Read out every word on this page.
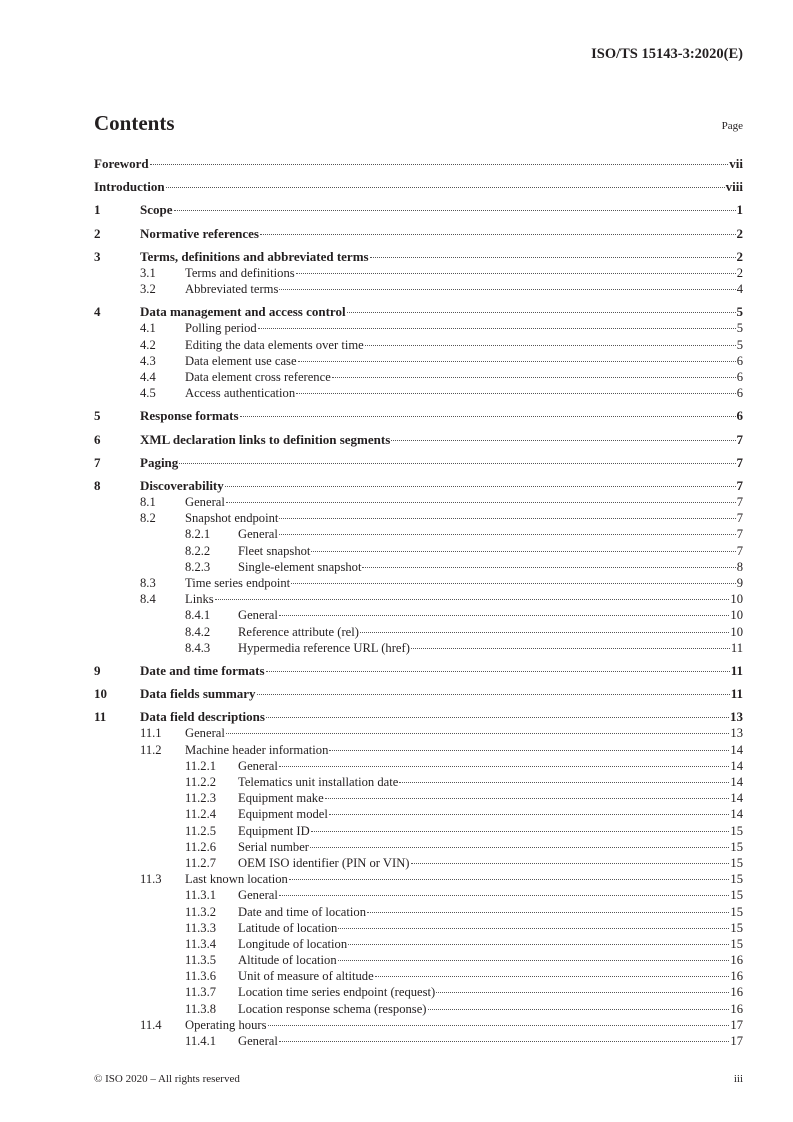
ISO/TS 15143-3:2020(E)
Contents	Page
Foreword	vii
Introduction	viii
1	Scope	1
2	Normative references	2
3	Terms, definitions and abbreviated terms	2
3.1	Terms and definitions	2
3.2	Abbreviated terms	4
4	Data management and access control	5
4.1	Polling period	5
4.2	Editing the data elements over time	5
4.3	Data element use case	6
4.4	Data element cross reference	6
4.5	Access authentication	6
5	Response formats	6
6	XML declaration links to definition segments	7
7	Paging	7
8	Discoverability	7
8.1	General	7
8.2	Snapshot endpoint	7
8.2.1	General	7
8.2.2	Fleet snapshot	7
8.2.3	Single-element snapshot	8
8.3	Time series endpoint	9
8.4	Links	10
8.4.1	General	10
8.4.2	Reference attribute (rel)	10
8.4.3	Hypermedia reference URL (href)	11
9	Date and time formats	11
10	Data fields summary	11
11	Data field descriptions	13
11.1	General	13
11.2	Machine header information	14
11.2.1	General	14
11.2.2	Telematics unit installation date	14
11.2.3	Equipment make	14
11.2.4	Equipment model	14
11.2.5	Equipment ID	15
11.2.6	Serial number	15
11.2.7	OEM ISO identifier (PIN or VIN)	15
11.3	Last known location	15
11.3.1	General	15
11.3.2	Date and time of location	15
11.3.3	Latitude of location	15
11.3.4	Longitude of location	15
11.3.5	Altitude of location	16
11.3.6	Unit of measure of altitude	16
11.3.7	Location time series endpoint (request)	16
11.3.8	Location response schema (response)	16
11.4	Operating hours	17
11.4.1	General	17
© ISO 2020 – All rights reserved	iii
